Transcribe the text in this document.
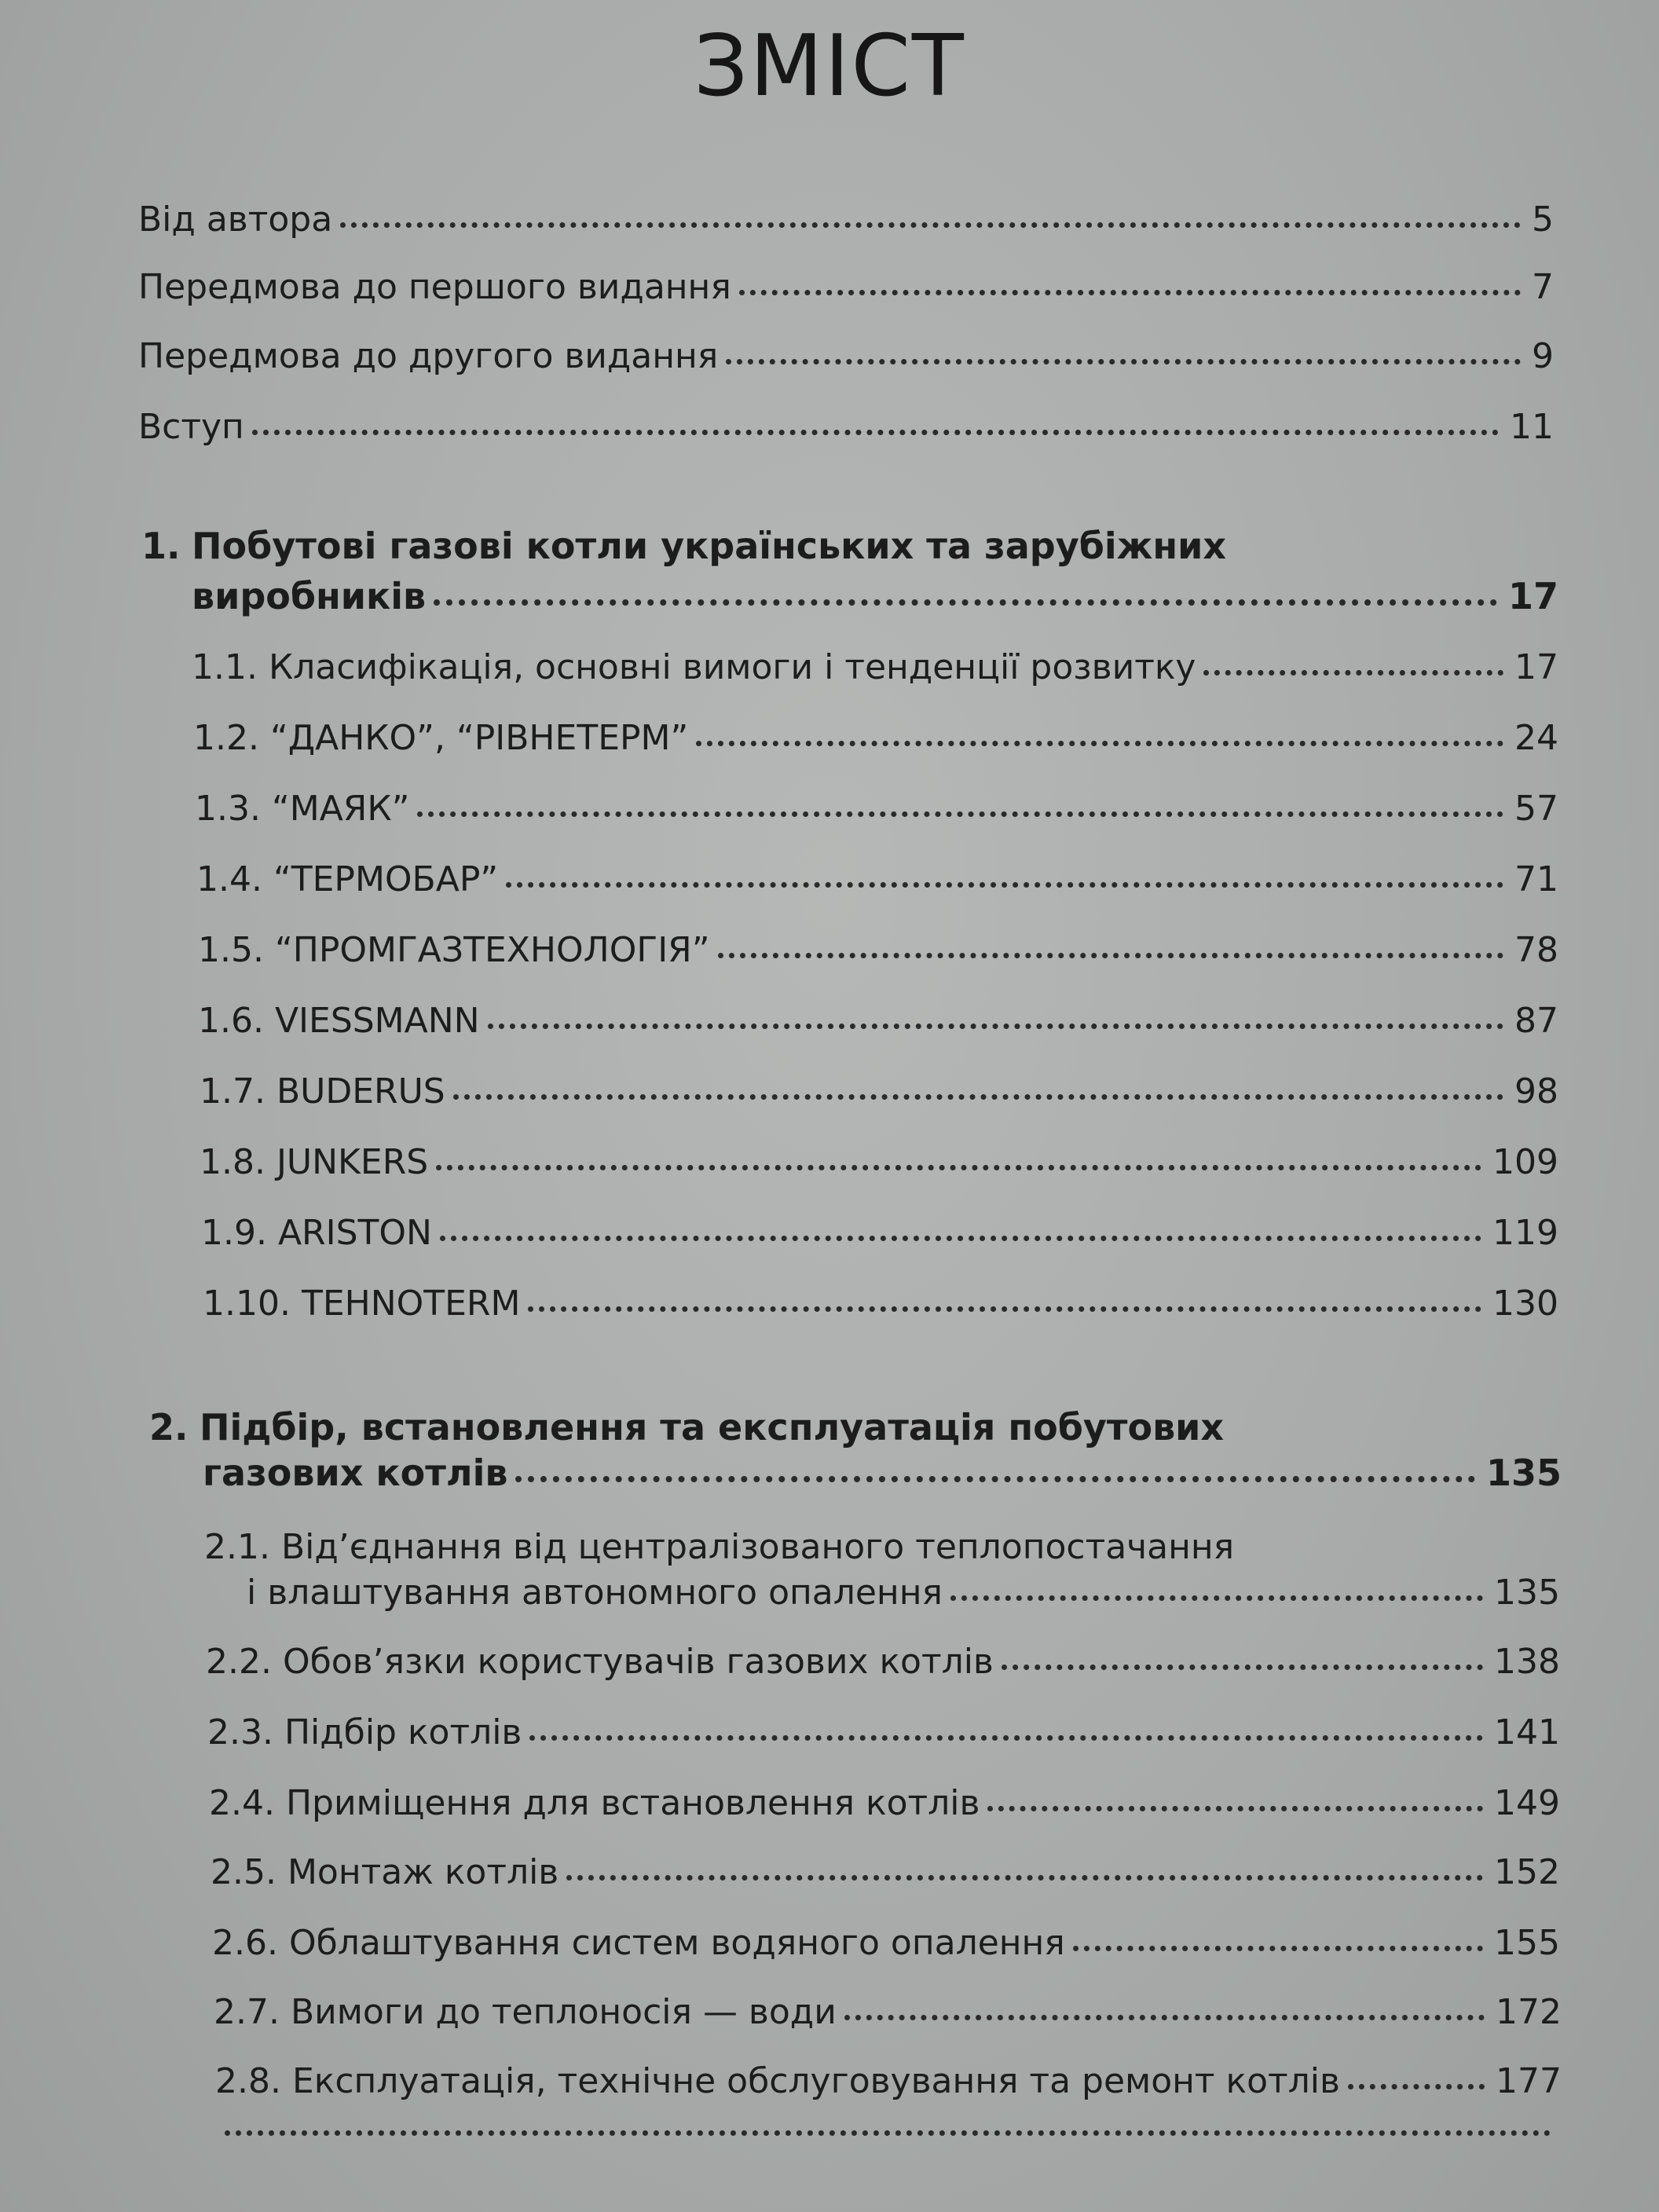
ЗМІСТ
Від автора	5
Передмова до першого видання	7
Передмова до другого видання	9
Вступ	11
1. Побутові газові котли українських та зарубіжних
виробників	17
1.1. Класифікація, основні вимоги і тенденції розвитку	17
1.2. “ДАНКО”, “РІВНЕТЕРМ”	24
1.3. “МАЯК”	57
1.4. “ТЕРМОБАР”	71
1.5. “ПРОМГАЗТЕХНОЛОГІЯ”	78
1.6. VIESSMANN	87
1.7. BUDERUS	98
1.8. JUNKERS	109
1.9. ARISTON	119
1.10. TEHNOTERM	130
2. Підбір, встановлення та експлуатація побутових
газових котлів	135
2.1. Від’єднання від централізованого теплопостачання
і влаштування автономного опалення	135
2.2. Обов’язки користувачів газових котлів	138
2.3. Підбір котлів	141
2.4. Приміщення для встановлення котлів	149
2.5. Монтаж котлів	152
2.6. Облаштування систем водяного опалення	155
2.7. Вимоги до теплоносія — води	172
2.8. Експлуатація, технічне обслуговування та ремонт котлів	177
